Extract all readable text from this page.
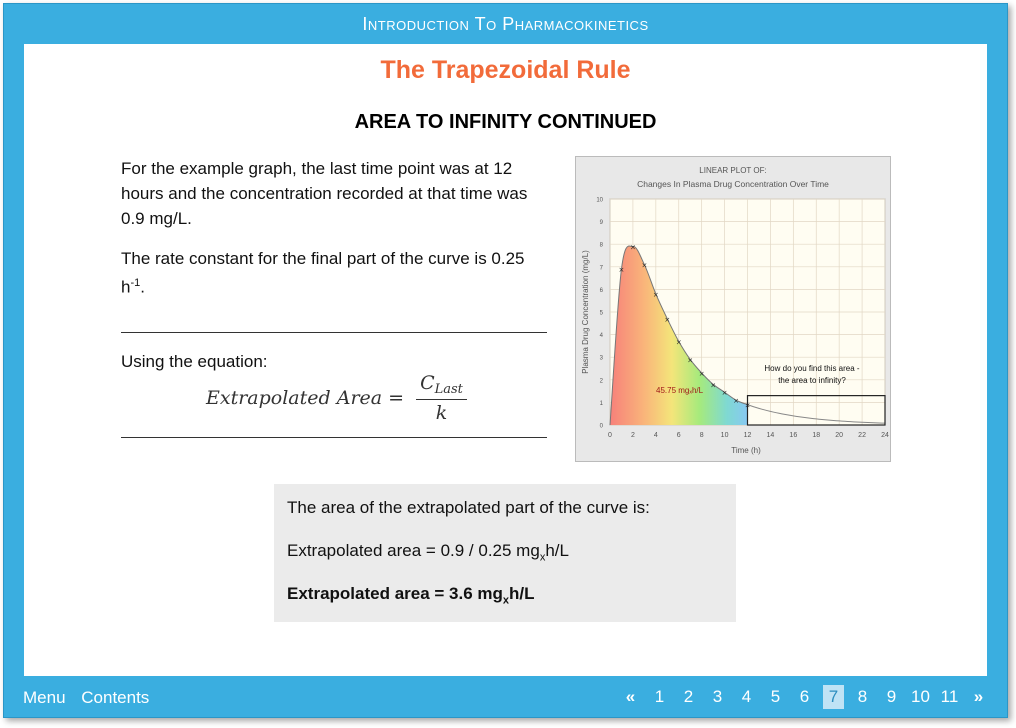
Introduction To Pharmacokinetics
The Trapezoidal Rule
AREA TO INFINITY CONTINUED
For the example graph, the last time point was at 12 hours and the concentration recorded at that time was 0.9 mg/L.
The rate constant for the final part of the curve is 0.25 $h^{-1}$.
Using the equation:
Extrapolated Area = $\frac{C_{Last}}{k}$
LINEAR PLOT OF:
Changes In Plasma Drug Concentration Over Time
×
×
×
×
×
×
×
×
×
×
×
×
0	2	4	6	8 10 12 14 16 18 20 22 24
0
1
2
3
4
5
6
7
8
9
10
45.75 mgₓh/L
How do you find this area -
the area to infinity?
Time (h)
Plasma Drug Concentration (mg/L)
The area of the extrapolated part of the curve is:
Extrapolated area = 0.9 / 0.25 $mg_xh/L$
Extrapolated area = 3.6 $mg_xh/L$
Menu Contents	«	1	2	3	4	5	6	7	8	9 10 11 »
